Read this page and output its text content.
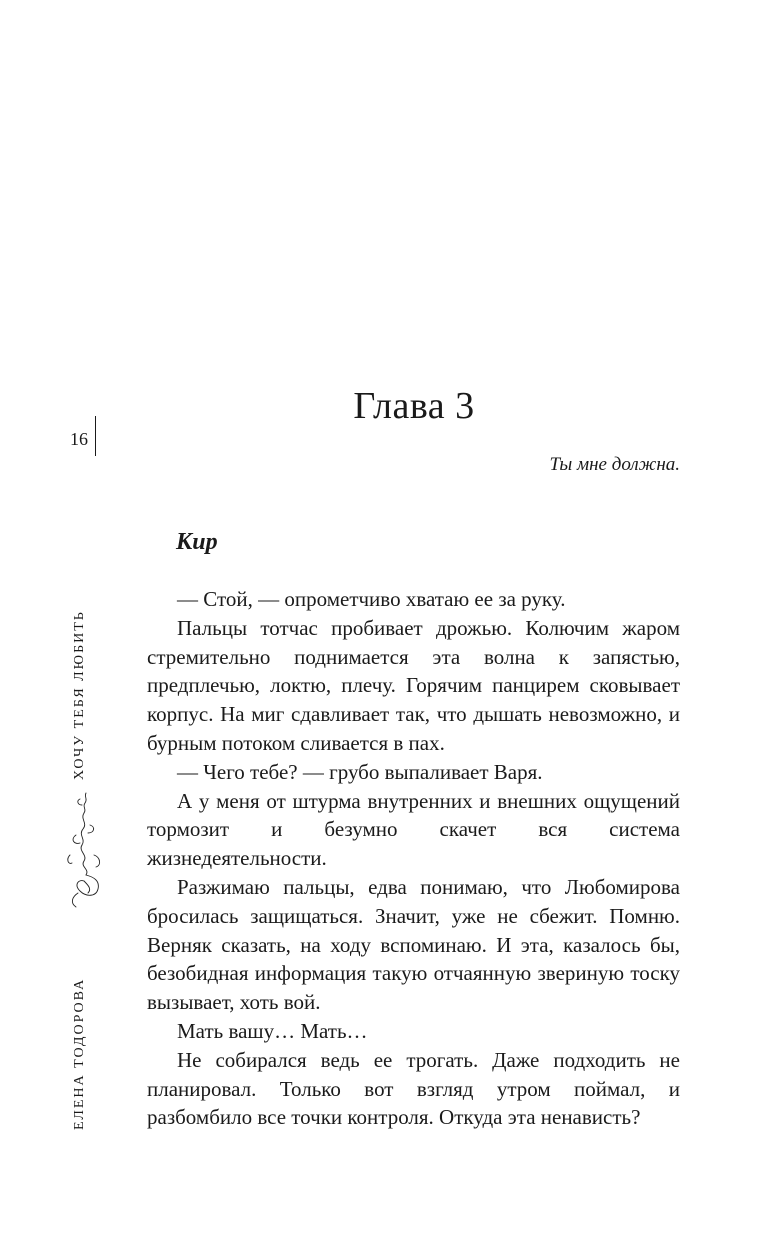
16
Глава 3
Ты мне должна.
Кир

— Стой, — опрометчиво хватаю ее за руку.

Пальцы тотчас пробивает дрожью. Колючим жаром стремительно поднимается эта волна к запястью, предплечью, локтю, плечу. Горячим панцирем сковывает корпус. На миг сдавливает так, что дышать невозможно, и бурным потоком сливается в пах.

— Чего тебе? — грубо выпаливает Варя.

А у меня от штурма внутренних и внешних ощущений тормозит и безумно скачет вся система жизнедеятельности.

Разжимаю пальцы, едва понимаю, что Любомирова бросилась защищаться. Значит, уже не сбежит. Помню. Верняк сказать, на ходу вспоминаю. И эта, казалось бы, безобидная информация такую отчаянную звериную тоску вызывает, хоть вой.

Мать вашу… Мать…

Не собирался ведь ее трогать. Даже подходить не планировал. Только вот взгляд утром поймал, и разбомбило все точки контроля. Откуда эта ненависть?

ХОЧУ ТЕБЯ ЛЮБИТЬ
ЕЛЕНА ТОДОРОВА
